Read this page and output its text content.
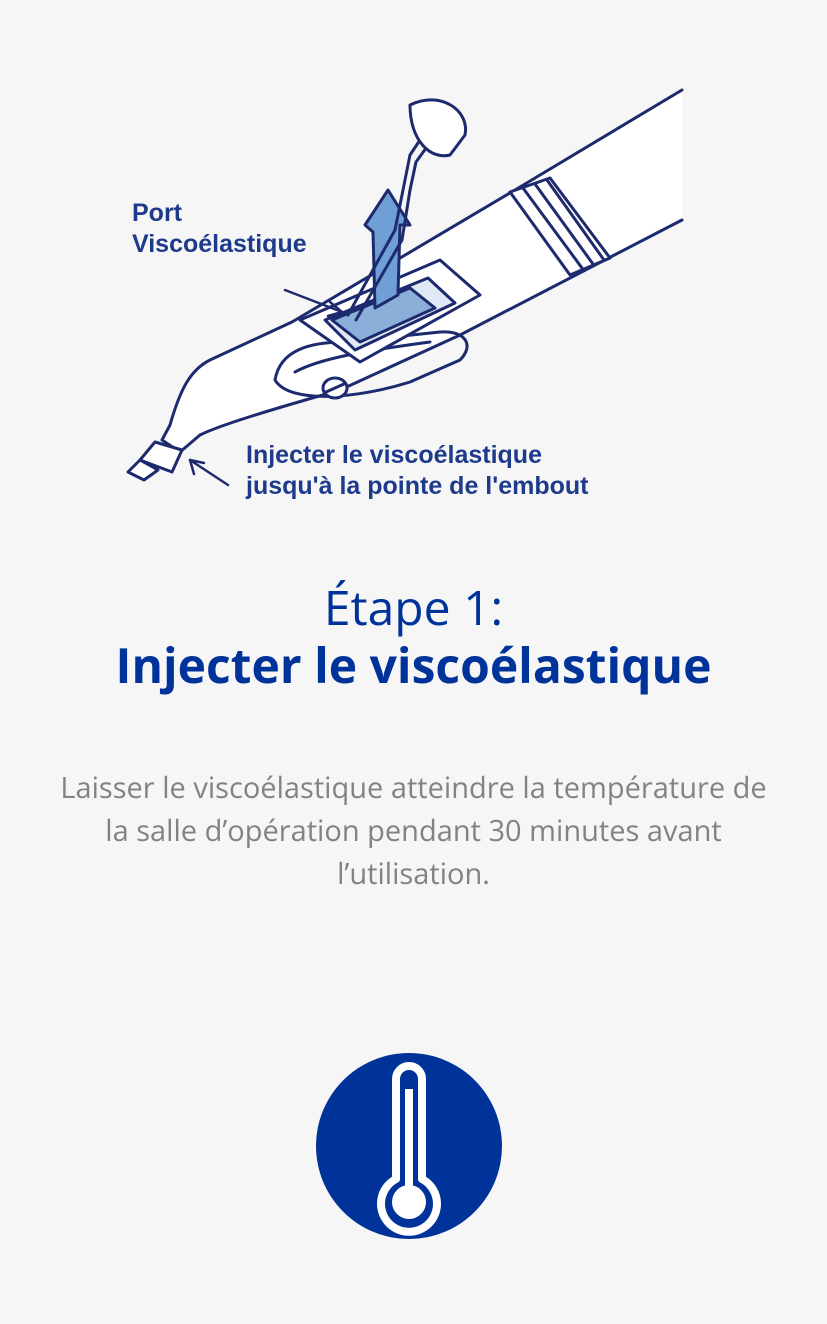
Port
Viscoélastique
Injecter le viscoélastique
jusqu'à la pointe de l'embout
Étape 1:
Injecter le viscoélastique
Laisser le viscoélastique atteindre la température de la salle d’opération pendant 30 minutes avant l’utilisation.
